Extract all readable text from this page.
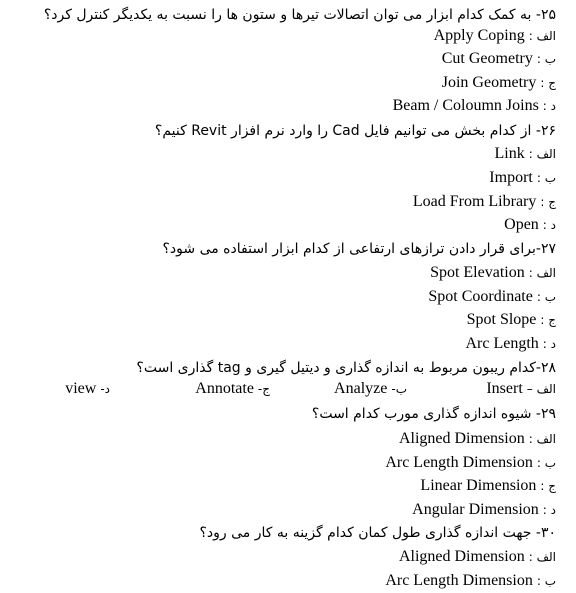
۲۵- به کمک کدام ابزار می توان اتصالات تیرها و ستون ها را نسبت به یکدیگر کنترل کرد؟
الف : Apply Coping
ب : Cut Geometry
ج : Join Geometry
د : Beam / Coloumn Joins
۲۶- از کدام بخش می توانیم فایل Cad را وارد نرم افزار Revit کنیم؟
الف : Link
ب : Import
ج : Load From Library
د : Open
۲۷-برای قرار دادن ترازهای ارتفاعی از کدام ابزار استفاده می شود؟
الف : Spot Elevation
ب : Spot Coordinate
ج : Spot Slope
د : Arc Length
۲۸-کدام ریبون مربوط به اندازه گذاری و دیتیل گیری و tag گذاری است؟
الف – Insert
ب- Analyze
ج- Annotate
د- view
۲۹- شیوه اندازه گذاری مورب کدام است؟
الف : Aligned Dimension
ب : Arc Length Dimension
ج : Linear Dimension
د : Angular Dimension
۳۰- جهت اندازه گذاری طول کمان کدام گزینه به کار می رود؟
الف : Aligned Dimension
ب : Arc Length Dimension
